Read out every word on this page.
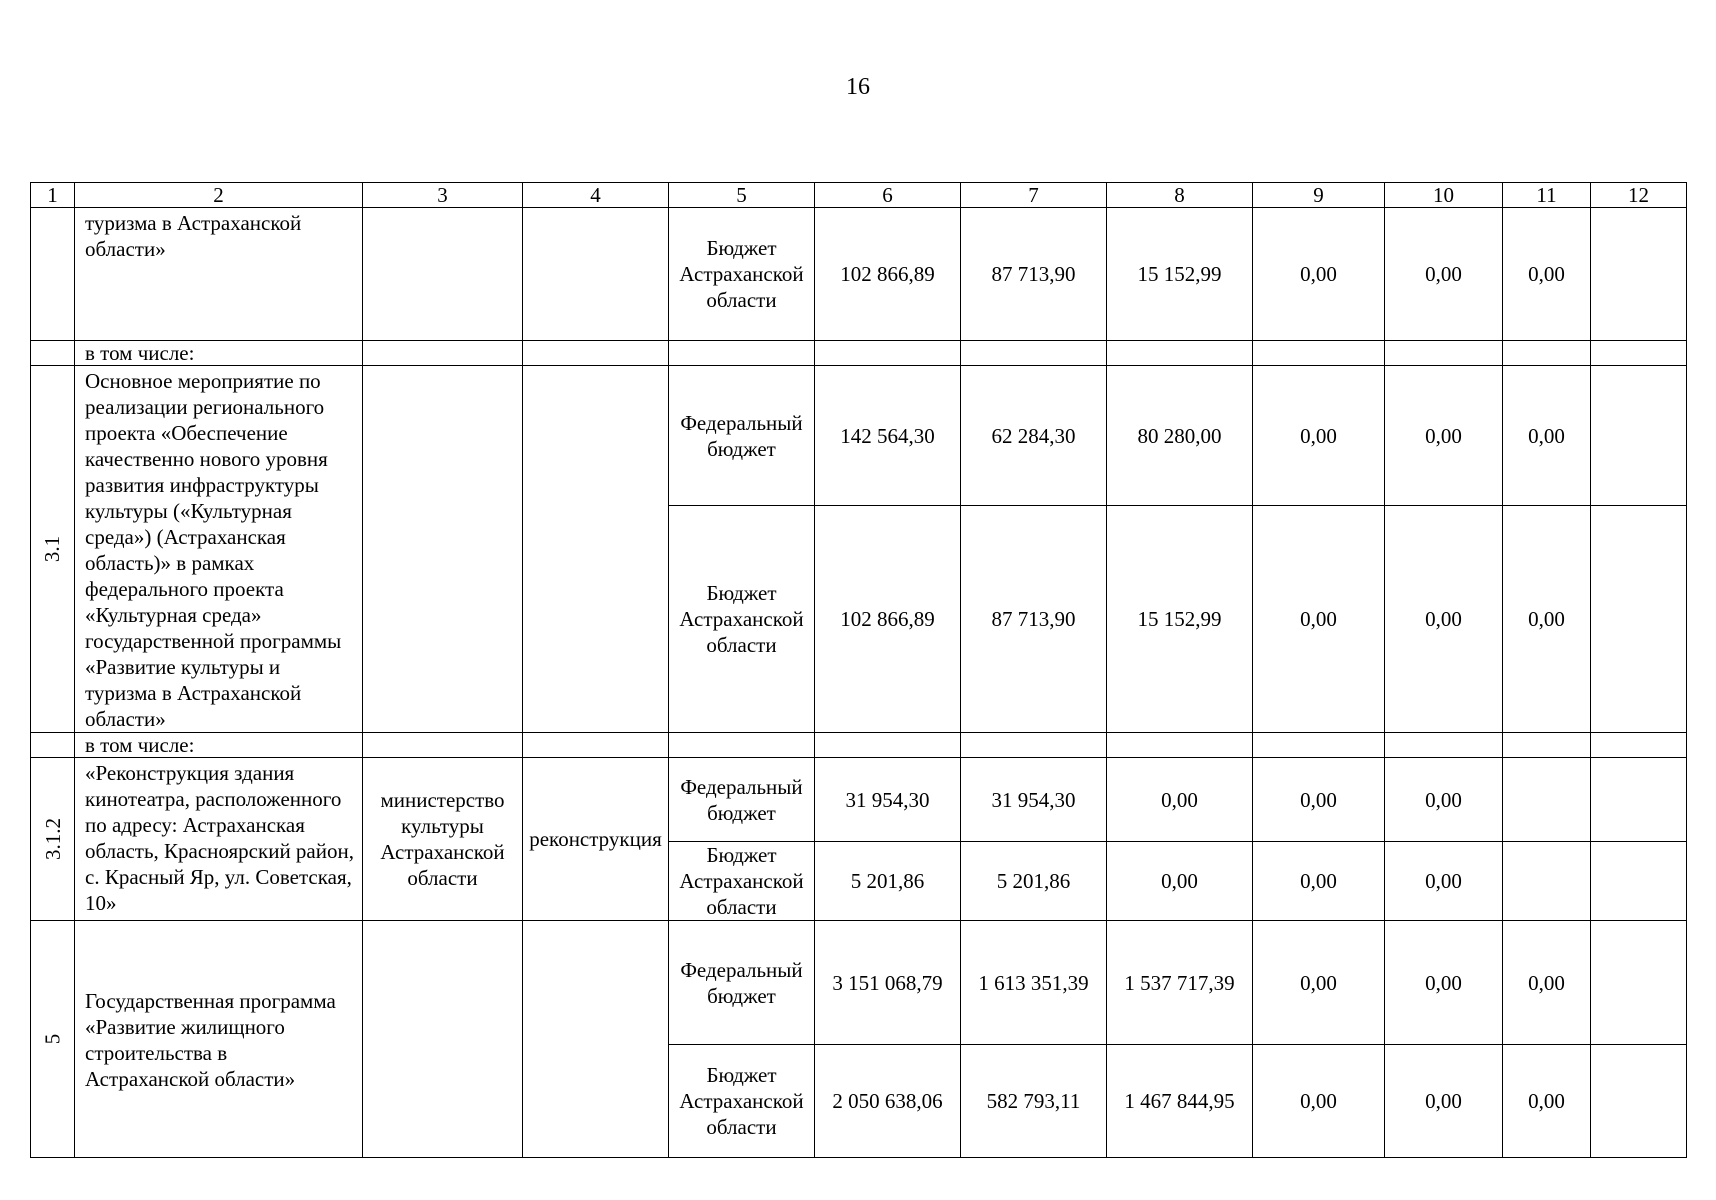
16
1	2	3	4	5	6	7	8	9	10	11	12
	туризма в Астраханской области»			Бюджет Астраханской области	102 866,89	87 713,90	15 152,99	0,00	0,00	0,00	
	в том числе:										
3.1	Основное мероприятие по реализации регионального проекта «Обеспечение качественно нового уровня развития инфраструктуры культуры («Культурная среда») (Астраханская область)» в рамках федерального проекта «Культурная среда» государственной программы «Развитие культуры и туризма в Астраханской области»			Федеральный бюджет	142 564,30	62 284,30	80 280,00	0,00	0,00	0,00	
				Бюджет Астраханской области	102 866,89	87 713,90	15 152,99	0,00	0,00	0,00	
	в том числе:										
3.1.2	«Реконструкция здания кинотеатра, расположенного по адресу: Астраханская область, Красноярский район, с. Красный Яр, ул. Советская, 10»	министерство культуры Астраханской области	реконструкция	Федеральный бюджет	31 954,30	31 954,30	0,00	0,00	0,00		
				Бюджет Астраханской области	5 201,86	5 201,86	0,00	0,00	0,00		
5	Государственная программа «Развитие жилищного строительства в Астраханской области»			Федеральный бюджет	3 151 068,79	1 613 351,39	1 537 717,39	0,00	0,00	0,00	
				Бюджет Астраханской области	2 050 638,06	582 793,11	1 467 844,95	0,00	0,00	0,00	
